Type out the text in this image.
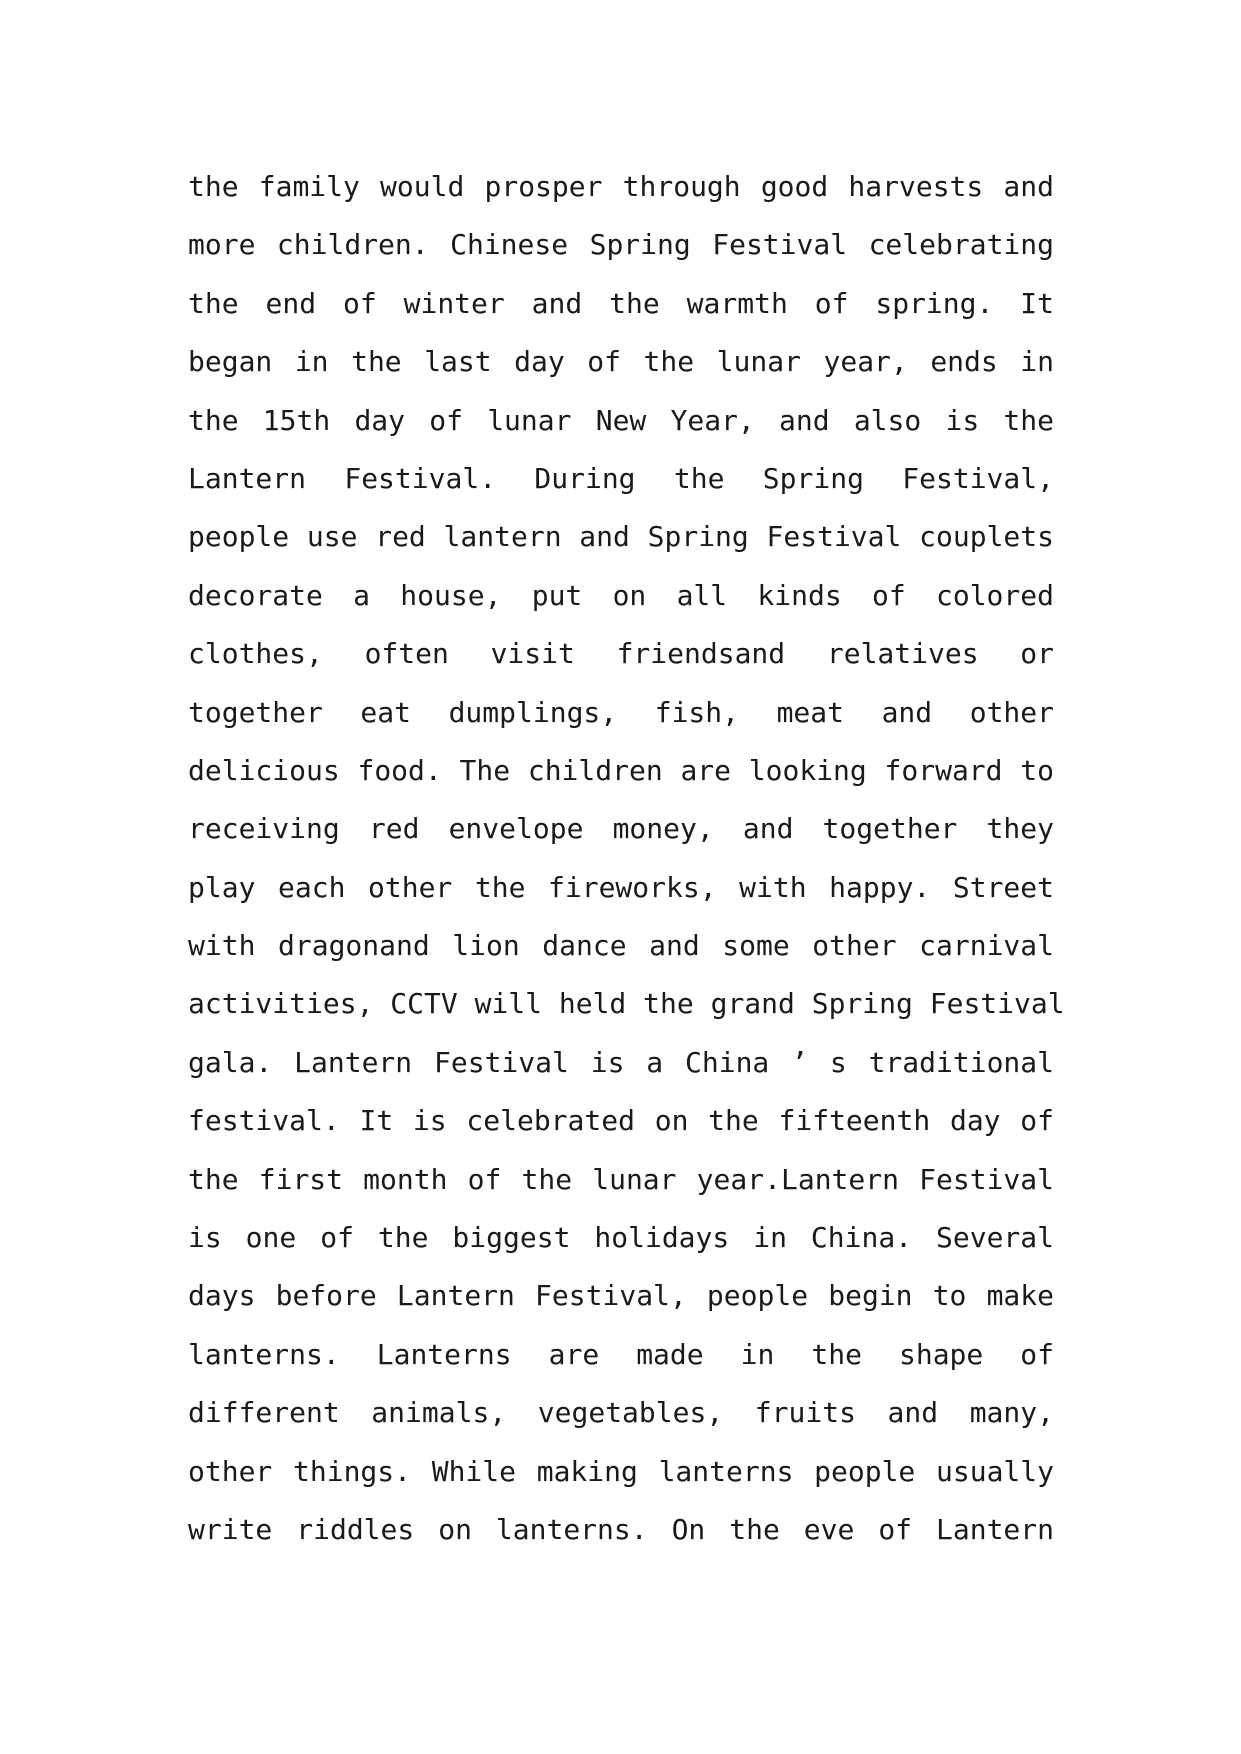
the family would prosper through good harvests and
more children. Chinese Spring Festival celebrating
the end of winter and the warmth of spring. It
began in the last day of the lunar year, ends in
the 15th day of lunar New Year, and also is the
Lantern Festival. During the Spring Festival,
people use red lantern and Spring Festival couplets
decorate a house, put on all kinds of colored
clothes, often visit friendsand relatives or
together eat dumplings, fish, meat and other
delicious food. The children are looking forward to
receiving red envelope money, and together they
play each other the fireworks, with happy. Street
with dragonand lion dance and some other carnival
activities, CCTV will held the grand Spring Festival
gala. Lantern Festival is a China ’ s traditional
festival. It is celebrated on the fifteenth day of
the first month of the lunar year.Lantern Festival
is one of the biggest holidays in China. Several
days before Lantern Festival, people begin to make
lanterns. Lanterns are made in the shape of
different animals, vegetables, fruits and many,
other things. While making lanterns people usually
write riddles on lanterns. On the eve of Lantern
